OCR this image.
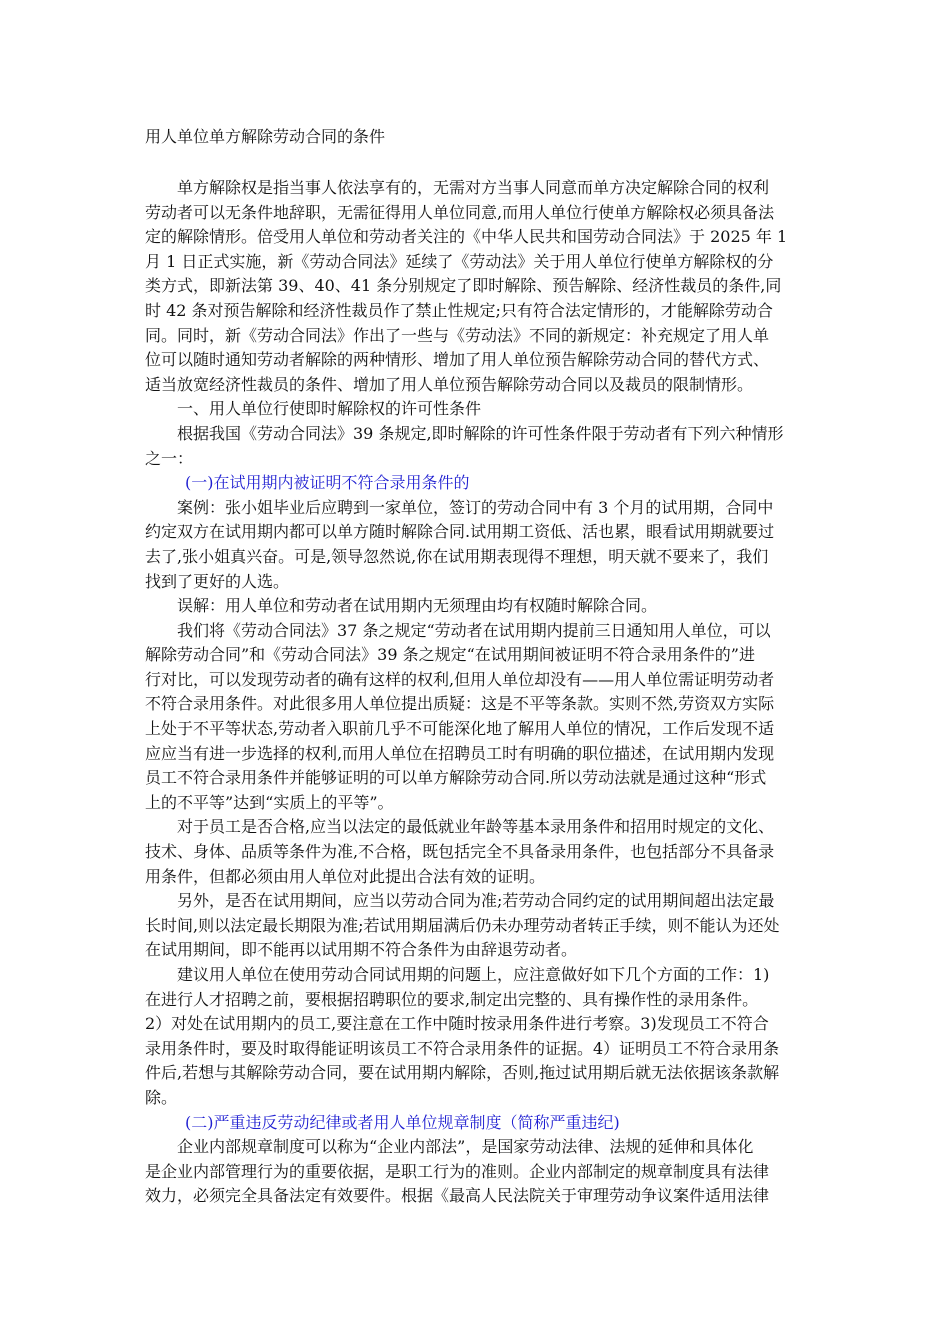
用人单位单方解除劳动合同的条件

　　单方解除权是指当事人依法享有的，无需对方当事人同意而单方决定解除合同的权利
劳动者可以无条件地辞职，无需征得用人单位同意,而用人单位行使单方解除权必须具备法
定的解除情形。倍受用人单位和劳动者关注的《中华人民共和国劳动合同法》于 2025 年 1
月 1 日正式实施，新《劳动合同法》延续了《劳动法》关于用人单位行使单方解除权的分
类方式，即新法第 39、40、41 条分别规定了即时解除、预告解除、经济性裁员的条件,同
时 42 条对预告解除和经济性裁员作了禁止性规定;只有符合法定情形的，才能解除劳动合
同。同时，新《劳动合同法》作出了一些与《劳动法》不同的新规定：补充规定了用人单
位可以随时通知劳动者解除的两种情形、增加了用人单位预告解除劳动合同的替代方式、
适当放宽经济性裁员的条件、增加了用人单位预告解除劳动合同以及裁员的限制情形。

　　一、用人单位行使即时解除权的许可性条件

　　根据我国《劳动合同法》39 条规定,即时解除的许可性条件限于劳动者有下列六种情形
之一：

(一)在试用期内被证明不符合录用条件的

　　案例：张小姐毕业后应聘到一家单位，签订的劳动合同中有 3 个月的试用期，合同中
约定双方在试用期内都可以单方随时解除合同.试用期工资低、活也累，眼看试用期就要过
去了,张小姐真兴奋。可是,领导忽然说,你在试用期表现得不理想，明天就不要来了，我们
找到了更好的人选。

　　误解：用人单位和劳动者在试用期内无须理由均有权随时解除合同。

　　我们将《劳动合同法》37 条之规定“劳动者在试用期内提前三日通知用人单位，可以
解除劳动合同”和《劳动合同法》39 条之规定“在试用期间被证明不符合录用条件的”进
行对比，可以发现劳动者的确有这样的权利,但用人单位却没有——用人单位需证明劳动者
不符合录用条件。对此很多用人单位提出质疑：这是不平等条款。实则不然,劳资双方实际
上处于不平等状态,劳动者入职前几乎不可能深化地了解用人单位的情况，工作后发现不适
应应当有进一步选择的权利,而用人单位在招聘员工时有明确的职位描述，在试用期内发现
员工不符合录用条件并能够证明的可以单方解除劳动合同.所以劳动法就是通过这种“形式
上的不平等”达到“实质上的平等”。

　　对于员工是否合格,应当以法定的最低就业年龄等基本录用条件和招用时规定的文化、
技术、身体、品质等条件为准,不合格，既包括完全不具备录用条件，也包括部分不具备录
用条件，但都必须由用人单位对此提出合法有效的证明。

　　另外，是否在试用期间，应当以劳动合同为准;若劳动合同约定的试用期间超出法定最
长时间,则以法定最长期限为准;若试用期届满后仍未办理劳动者转正手续，则不能认为还处
在试用期间，即不能再以试用期不符合条件为由辞退劳动者。

　　建议用人单位在使用劳动合同试用期的问题上，应注意做好如下几个方面的工作：1)
在进行人才招聘之前，要根据招聘职位的要求,制定出完整的、具有操作性的录用条件。
2）对处在试用期内的员工,要注意在工作中随时按录用条件进行考察。3)发现员工不符合
录用条件时，要及时取得能证明该员工不符合录用条件的证据。4）证明员工不符合录用条
件后,若想与其解除劳动合同，要在试用期内解除，否则,拖过试用期后就无法依据该条款解
除。

(二)严重违反劳动纪律或者用人单位规章制度（简称严重违纪)

　　企业内部规章制度可以称为“企业内部法”，是国家劳动法律、法规的延伸和具体化
是企业内部管理行为的重要依据，是职工行为的准则。企业内部制定的规章制度具有法律
效力，必须完全具备法定有效要件。根据《最高人民法院关于审理劳动争议案件适用法律
